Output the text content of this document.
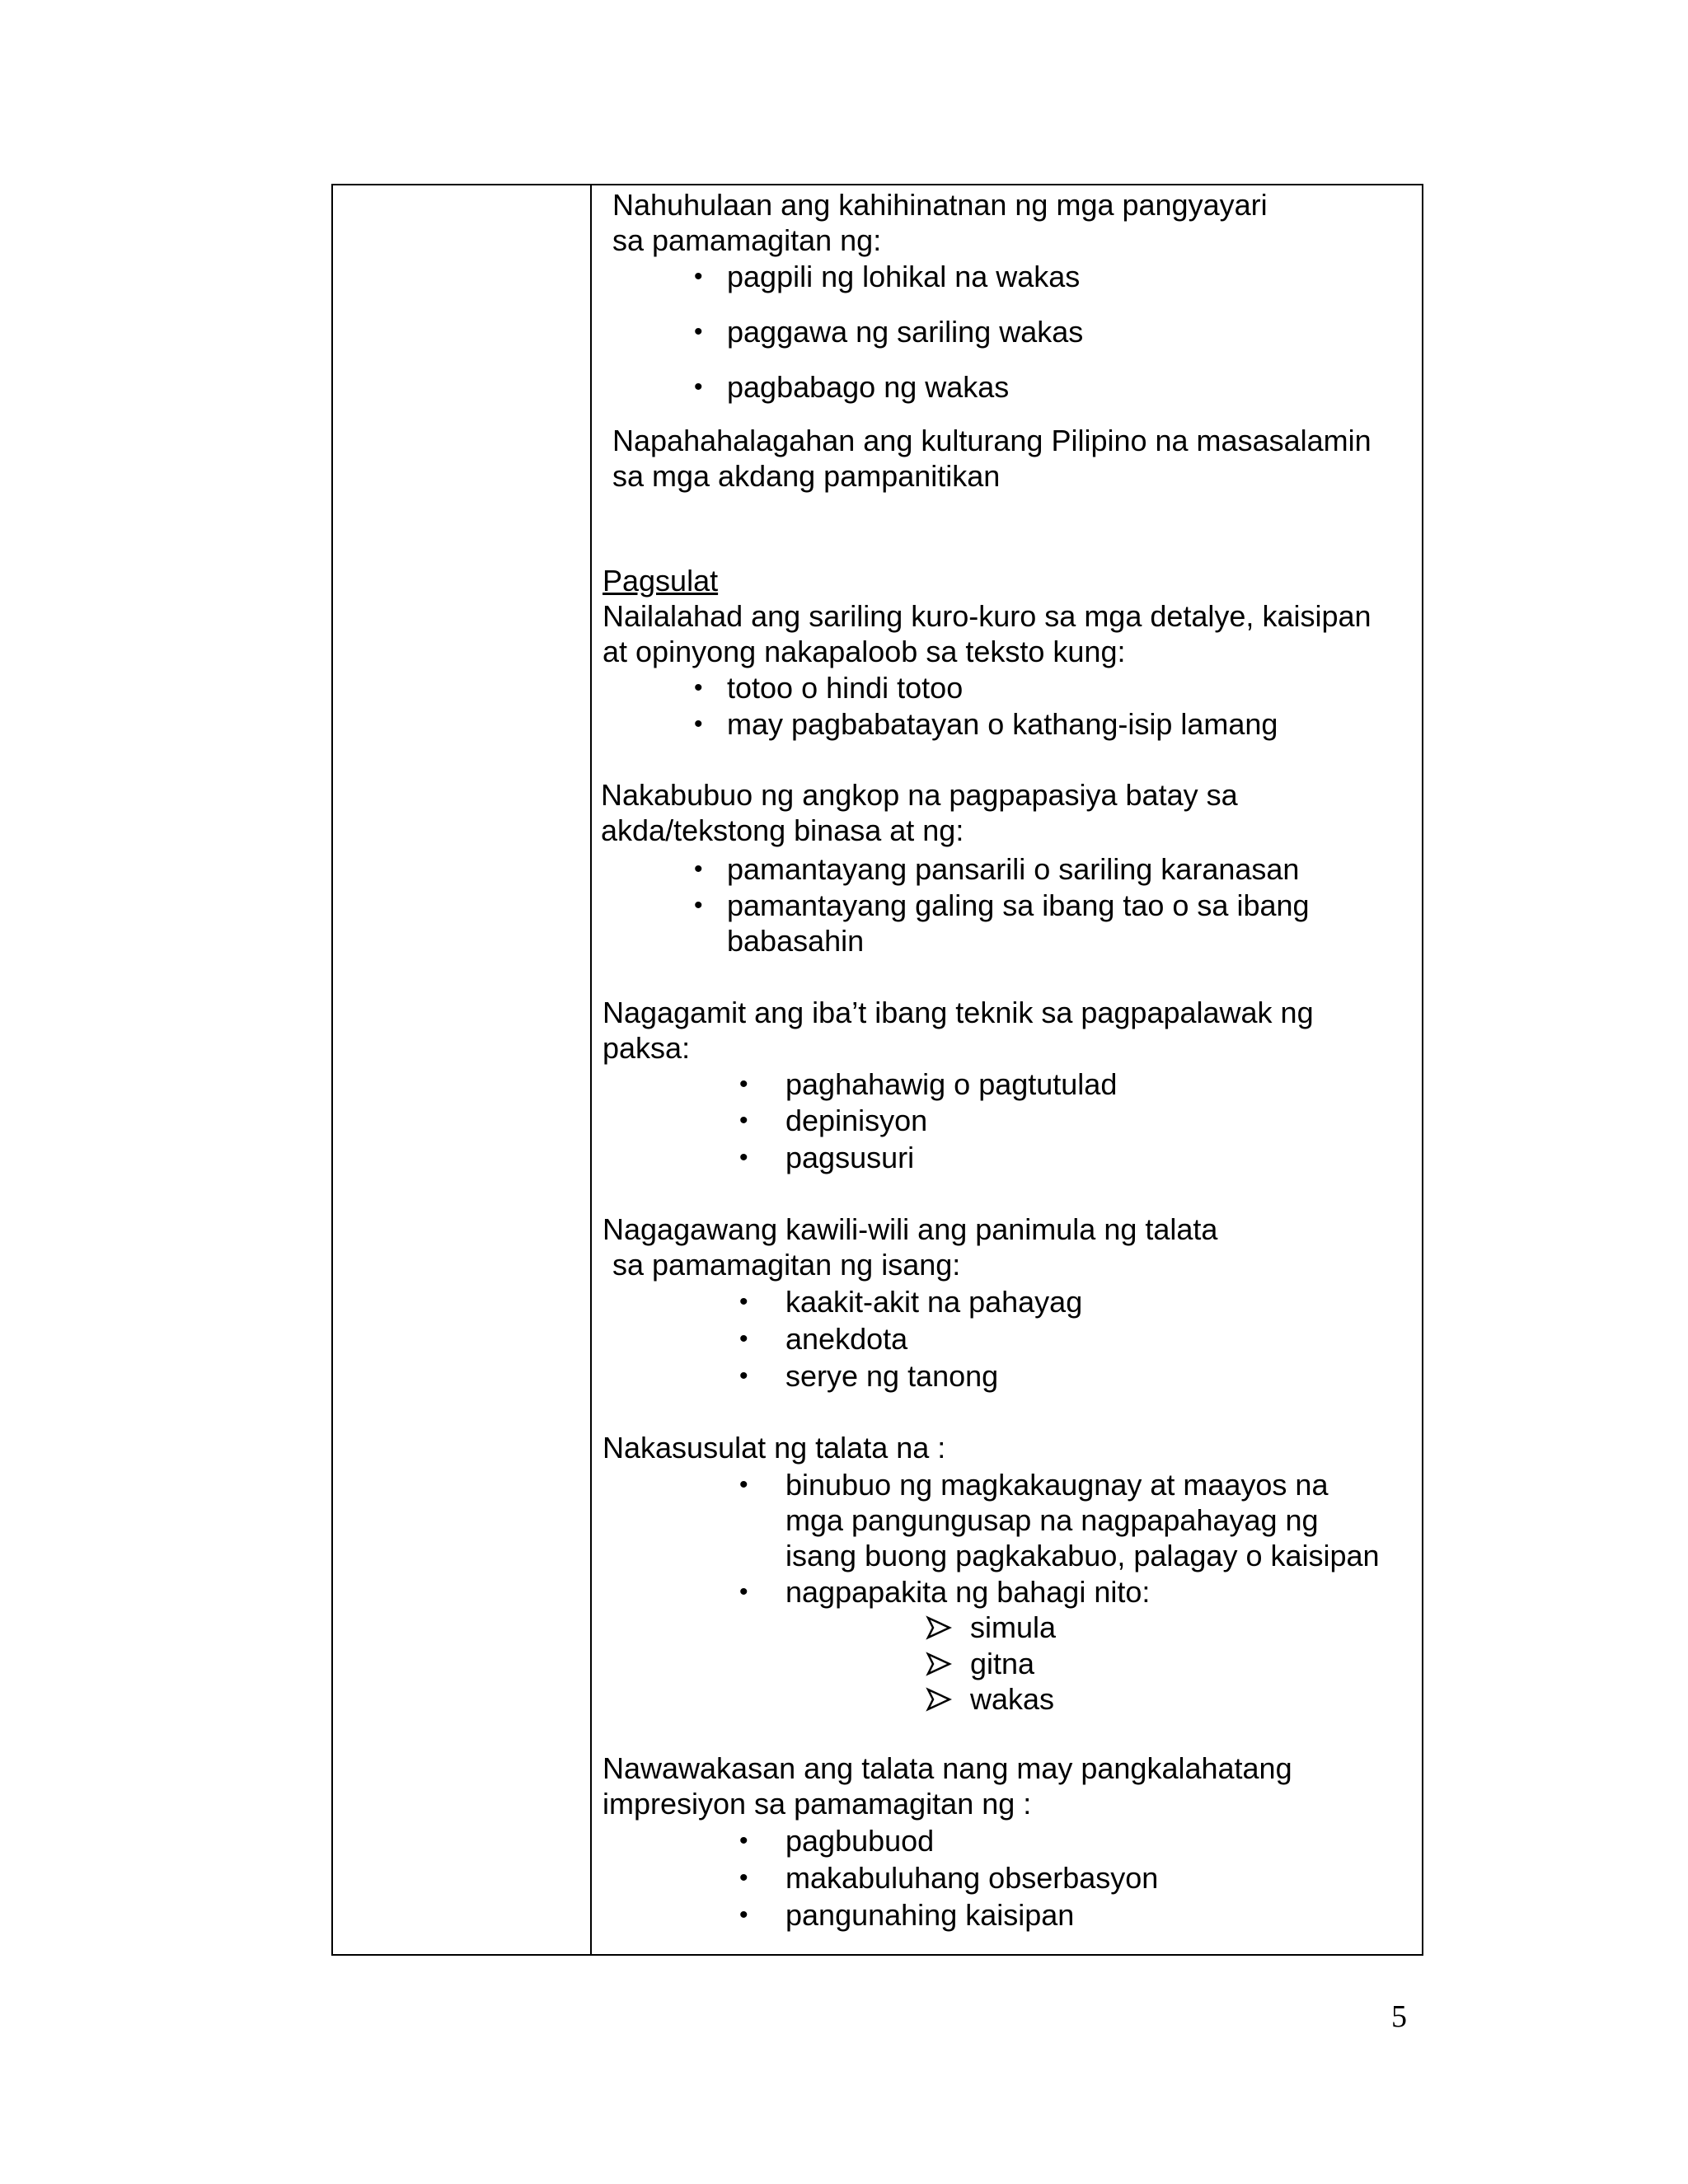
Nahuhulaan ang kahihinatnan ng mga pangyayari
sa pamamagitan ng:
• pagpili ng lohikal na wakas
• paggawa ng sariling wakas
• pagbabago ng wakas
Napahahalagahan ang kulturang Pilipino na masasalamin
sa mga akdang pampanitikan
Pagsulat
Nailalahad ang sariling kuro-kuro sa mga detalye, kaisipan
at opinyong nakapaloob sa teksto kung:
• totoo o hindi totoo
• may pagbabatayan o kathang-isip lamang
Nakabubuo ng angkop na pagpapasiya batay sa
akda/tekstong binasa at ng:
• pamantayang pansarili o sariling karanasan
• pamantayang galing sa ibang tao o sa ibang
babasahin
Nagagamit ang iba’t ibang teknik sa pagpapalawak ng
paksa:
• paghahawig o pagtutulad
• depinisyon
• pagsusuri
Nagagawang kawili-wili ang panimula ng talata
sa pamamagitan ng isang:
• kaakit-akit na pahayag
• anekdota
• serye ng tanong
Nakasusulat ng talata na :
• binubuo ng magkakaugnay at maayos na
mga pangungusap na nagpapahayag ng
isang buong pagkakabuo, palagay o kaisipan
• nagpapakita ng bahagi nito:
simula
gitna
wakas
Nawawakasan ang talata nang may pangkalahatang
impresiyon sa pamamagitan ng :
• pagbubuod
• makabuluhang obserbasyon
• pangunahing kaisipan
5
